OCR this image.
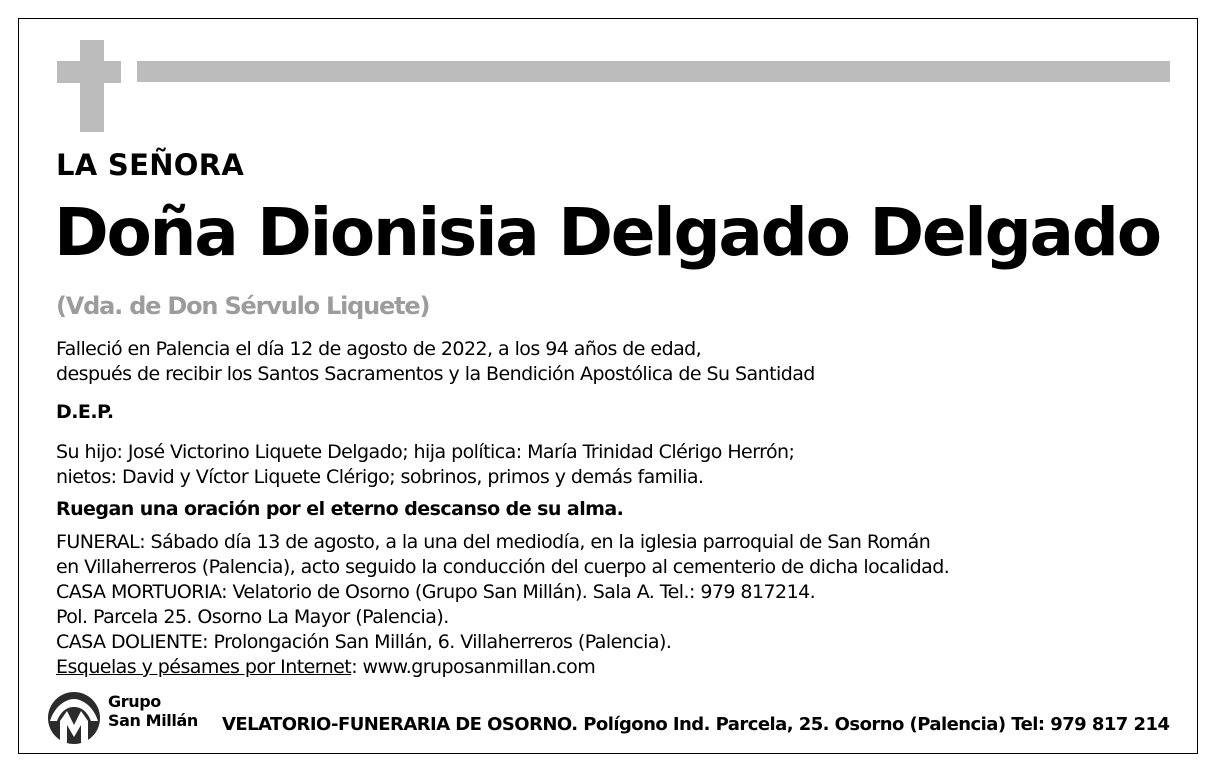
LA SEÑORA
Doña Dionisia Delgado Delgado
(Vda. de Don Sérvulo Liquete)
Falleció en Palencia el día 12 de agosto de 2022, a los 94 años de edad,
después de recibir los Santos Sacramentos y la Bendición Apostólica de Su Santidad
D.E.P.
Su hijo: José Victorino Liquete Delgado; hija política: María Trinidad Clérigo Herrón;
nietos: David y Víctor Liquete Clérigo; sobrinos, primos y demás familia.
Ruegan una oración por el eterno descanso de su alma.
FUNERAL: Sábado día 13 de agosto, a la una del mediodía, en la iglesia parroquial de San Román
en Villaherreros (Palencia), acto seguido la conducción del cuerpo al cementerio de dicha localidad.
CASA MORTUORIA: Velatorio de Osorno (Grupo San Millán). Sala A. Tel.: 979 817214.
Pol. Parcela 25. Osorno La Mayor (Palencia).
CASA DOLIENTE: Prolongación San Millán, 6. Villaherreros (Palencia).
Esquelas y pésames por Internet: www.gruposanmillan.com
Grupo
San Millán VELATORIO-FUNERARIA DE OSORNO. Polígono Ind. Parcela, 25. Osorno (Palencia) Tel: 979 817 214
